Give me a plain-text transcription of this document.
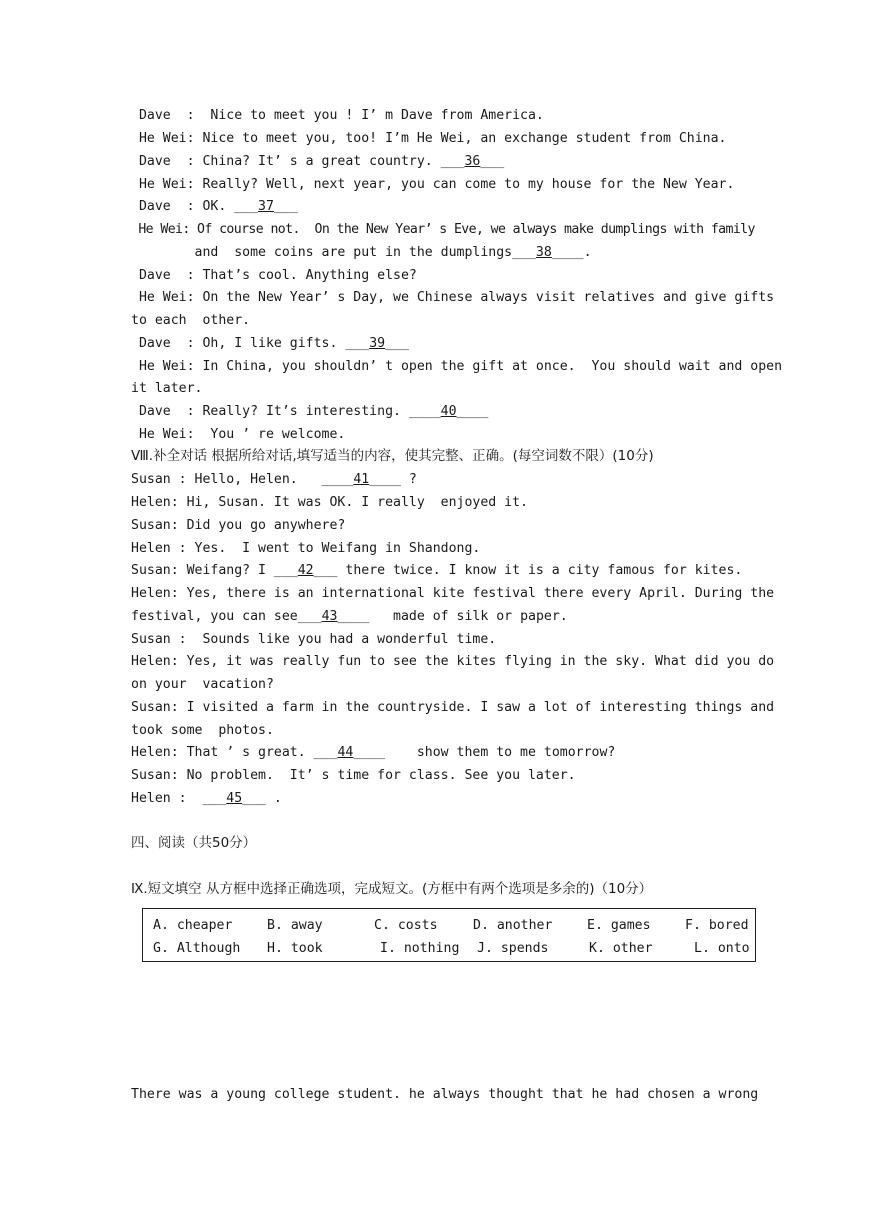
Dave  :  Nice to meet you ! I’ m Dave from America.
He Wei: Nice to meet you, too! I’m He Wei, an exchange student from China.
Dave  : China? It’ s a great country. ___36___
He Wei: Really? Well, next year, you can come to my house for the New Year.
Dave  : OK. ___37___
He Wei: Of course not.  On the New Year’ s Eve, we always make dumplings with family
and  some coins are put in the dumplings___38____.
Dave  : That’s cool. Anything else?
He Wei: On the New Year’ s Day, we Chinese always visit relatives and give gifts
to each  other.
Dave  : Oh, I like gifts. ___39___
He Wei: In China, you shouldn’ t open the gift at once.  You should wait and open
it later.
Dave  : Really? It’s interesting. ____40____
He Wei:  You ’ re welcome.
Ⅷ.补全对话 根据所给对话,填写适当的内容，使其完整、正确。(每空词数不限）(10分)
Susan : Hello, Helen.   ____41____ ?
Helen: Hi, Susan. It was OK. I really  enjoyed it.
Susan: Did you go anywhere?
Helen : Yes.  I went to Weifang in Shandong.
Susan: Weifang? I ___42___ there twice. I know it is a city famous for kites.
Helen: Yes, there is an international kite festival there every April. During the
festival, you can see___43____   made of silk or paper.
Susan :  Sounds like you had a wonderful time.
Helen: Yes, it was really fun to see the kites flying in the sky. What did you do
on your  vacation?
Susan: I visited a farm in the countryside. I saw a lot of interesting things and
took some  photos.
Helen: That ’ s great. ___44____    show them to me tomorrow?
Susan: No problem.  It’ s time for class. See you later.
Helen :  ___45___ .
四、阅读（共50分）
Ⅸ.短文填空 从方框中选择正确选项，完成短文。(方框中有两个选项是多余的)（10分）
A. cheaper	B. away	C. costs	D. another	E. games	F. bored
G. Although H. took	I. nothing J. spends	K. other	L. onto
There was a young college student. he always thought that he had chosen a wrong
